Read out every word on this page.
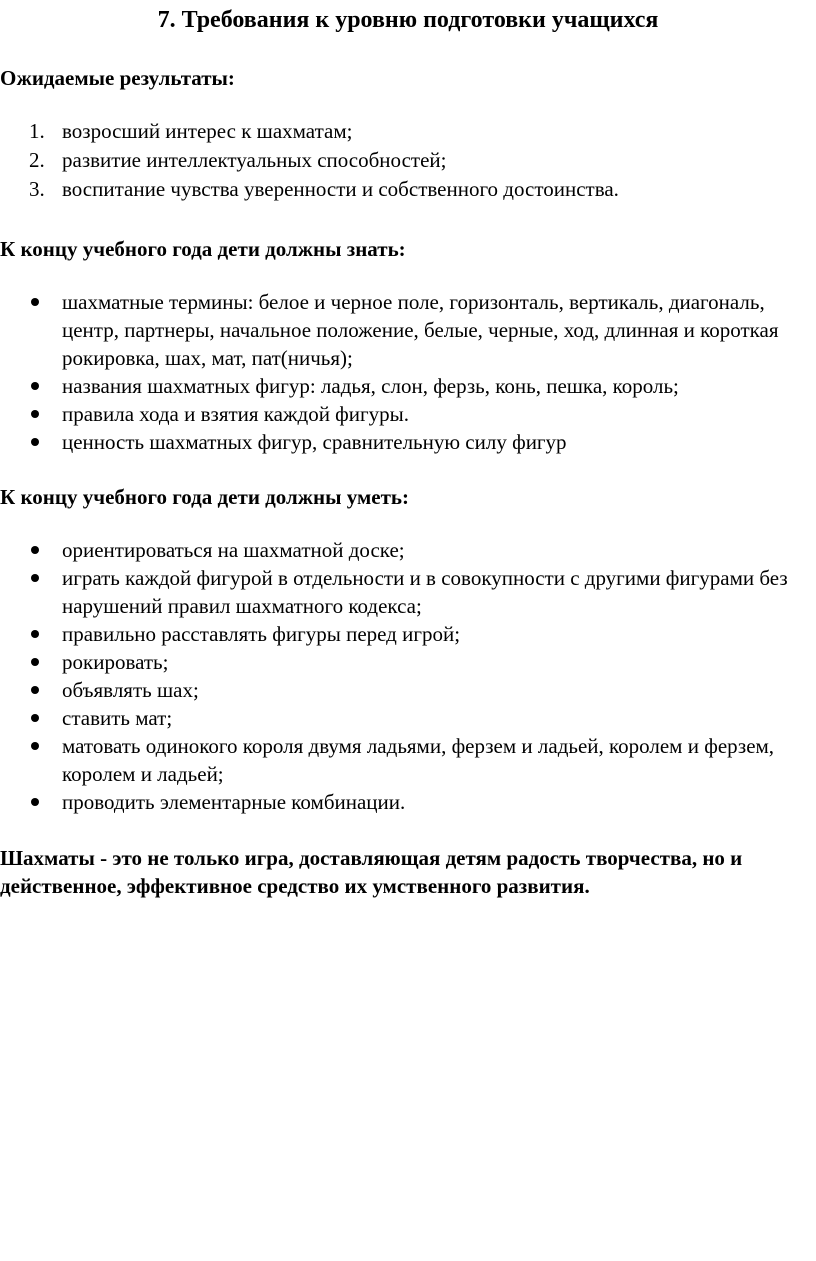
7. Требования к уровню подготовки учащихся

Ожидаемые результаты:

1. возросший интерес к шахматам;
2. развитие интеллектуальных способностей;
3. воспитание чувства уверенности и собственного достоинства.

К концу учебного года дети должны знать:

шахматные термины: белое и черное поле, горизонталь, вертикаль, диагональ, центр, партнеры, начальное положение, белые, черные, ход, длинная и короткая рокировка, шах, мат, пат(ничья);
названия шахматных фигур: ладья, слон, ферзь, конь, пешка, король;
правила хода и взятия каждой фигуры.
ценность шахматных фигур, сравнительную силу фигур

К концу учебного года дети должны уметь:

ориентироваться на шахматной доске;
играть каждой фигурой в отдельности и в совокупности с другими фигурами без нарушений правил шахматного кодекса;
правильно расставлять фигуры перед игрой;
рокировать;
объявлять шах;
ставить мат;
матовать одинокого короля двумя ладьями, ферзем и ладьей, королем и ферзем, королем и ладьей;
проводить элементарные комбинации.

Шахматы - это не только игра, доставляющая детям радость творчества, но и действенное, эффективное средство их умственного развития.
